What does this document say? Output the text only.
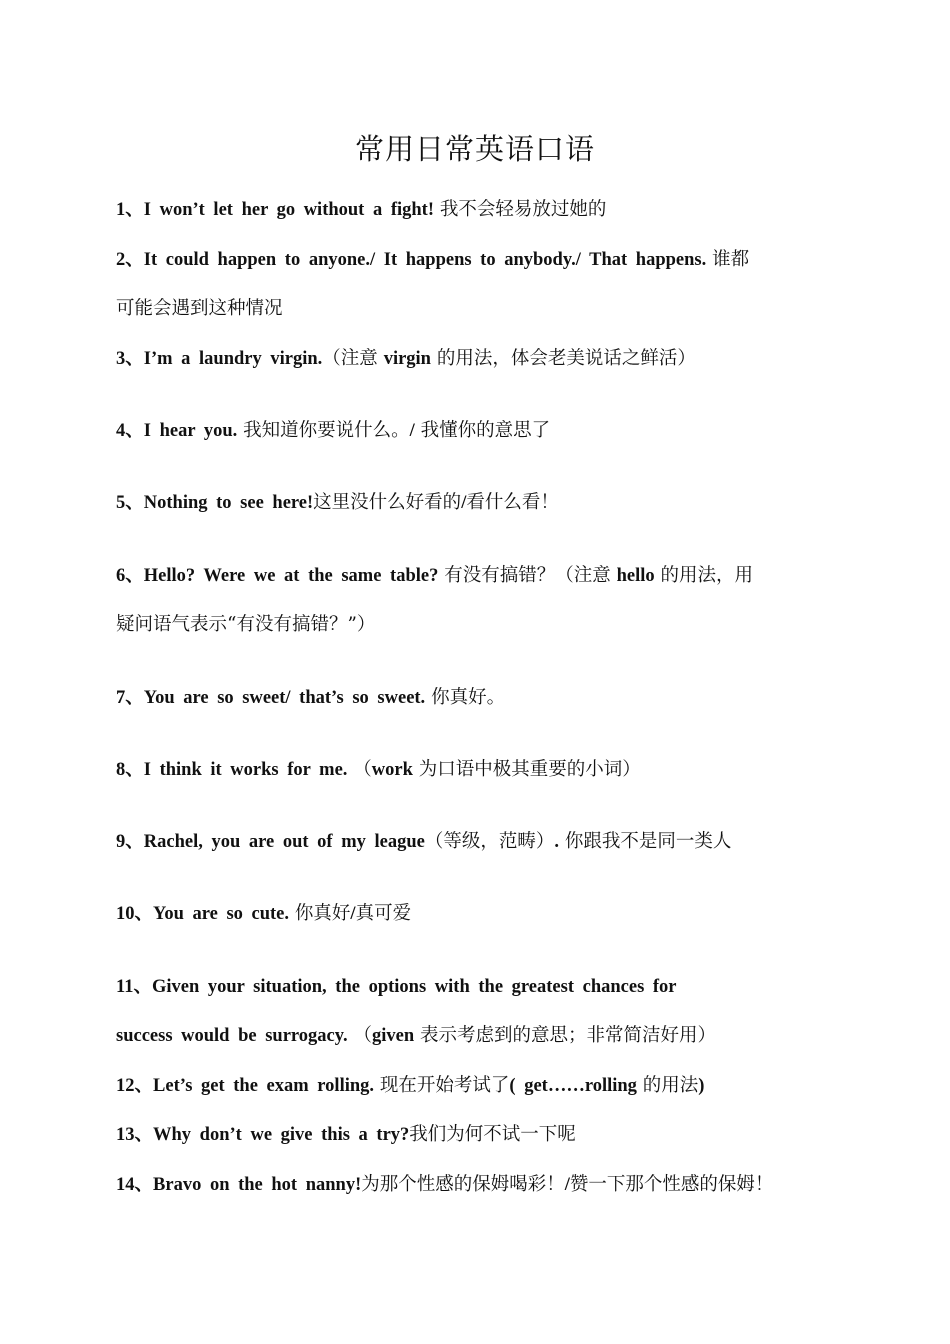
常用日常英语口语
1、I won’t let her go without a fight! 我不会轻易放过她的
2、It could happen to anyone./ It happens to anybody./ That happens. 谁都
可能会遇到这种情况
3、I’m a laundry virgin.（注意 virgin 的用法，体会老美说话之鲜活）
4、I hear you. 我知道你要说什么。/ 我懂你的意思了
5、Nothing to see here!这里没什么好看的/看什么看！
6、Hello? Were we at the same table? 有没有搞错？（注意 hello 的用法，用
疑问语气表示“有没有搞错？”）
7、You are so sweet/ that’s so sweet. 你真好。
8、I think it works for me. （work 为口语中极其重要的小词）
9、Rachel, you are out of my league（等级，范畴）. 你跟我不是同一类人
10、You are so cute. 你真好/真可爱
11、Given your situation, the options with the greatest chances for
success would be surrogacy. （given 表示考虑到的意思；非常简洁好用）
12、Let’s get the exam rolling. 现在开始考试了( get……rolling 的用法)
13、Why don’t we give this a try?我们为何不试一下呢
14、Bravo on the hot nanny!为那个性感的保姆喝彩！/赞一下那个性感的保姆！
